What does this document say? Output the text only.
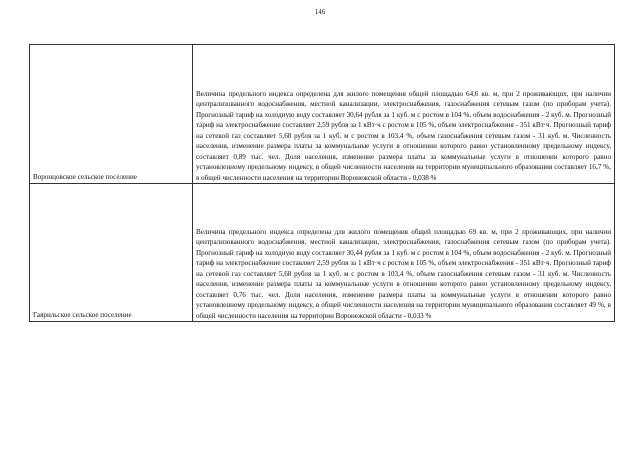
146
Воронцовское сельское поселение	Величина предельного индекса определена для жилого помещения общей площадью 64,6 кв. м, при 2 проживающих, при наличии централизованного водоснабжения, местной канализации, электроснабжения, газоснабжения сетевым газом (по приборам учета). Прогнозный тариф на холодную воду составляет 30,64 рубля за 1 куб. м с ростом в 104 %, объем водоснабжения - 2 куб. м. Прогнозный тариф на электроснабжение составляет 2,59 рубля за 1 кВт·ч с ростом в 105 %, объем электроснабжения - 351 кВт·ч. Прогнозный тариф на сетевой газ составляет 5,68 рубля за 1 куб. м с ростом в 103,4 %, объем газоснабжения сетевым газом - 31 куб. м. Численность населения, изменение размера платы за коммунальные услуги в отношении которого равно установленному предельному индексу, составляет 0,89 тыс. чел. Доля населения, изменение размера платы за коммунальные услуги в отношении которого равно установленному предельному индексу, в общей численности населения на территории муниципального образования составляет 16,7 %, в общей численности населения на территории Воронежской области - 0,038 %

Гаврильское сельское поселение	Величина предельного индекса определена для жилого помещения общей площадью 69 кв. м, при 2 проживающих, при наличии централизованного водоснабжения, местной канализации, электроснабжения, газоснабжения сетевым газом (по приборам учета). Прогнозный тариф на холодную воду составляет 30,44 рубля за 1 куб. м с ростом в 104 %, объем водоснабжения - 2 куб. м. Прогнозный тариф на электроснабжение составляет 2,59 рубля за 1 кВт·ч с ростом в 105 %, объем электроснабжения - 351 кВт·ч. Прогнозный тариф на сетевой газ составляет 5,68 рубля за 1 куб. м с ростом в 103,4 %, объем газоснабжения сетевым газом - 31 куб. м. Численность населения, изменение размера платы за коммунальные услуги в отношении которого равно установленному предельному индексу, составляет 0,76 тыс. чел. Доля населения, изменение размера платы за коммунальные услуги в отношении которого равно установленному предельному индексу, в общей численности населения на территории муниципального образования составляет 49 %, в общей численности населения на территории Воронежской области - 0,033 %
